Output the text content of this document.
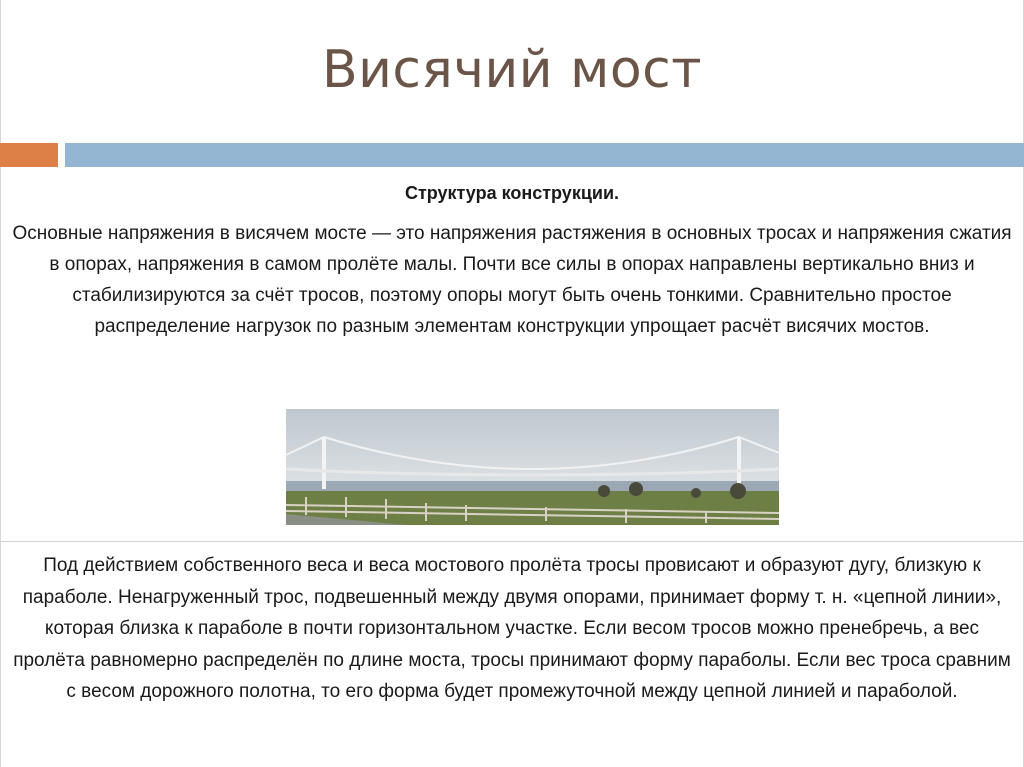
Висячий мост
Структура конструкции.
Основные напряжения в висячем мосте — это напряжения растяжения в основных тросах и напряжения сжатия в опорах, напряжения в самом пролёте малы. Почти все силы в опорах направлены вертикально вниз и стабилизируются за счёт тросов, поэтому опоры могут быть очень тонкими. Сравнительно простое распределение нагрузок по разным элементам конструкции упрощает расчёт висячих мостов.
Под действием собственного веса и веса мостового пролёта тросы провисают и образуют дугу, близкую к параболе. Ненагруженный трос, подвешенный между двумя опорами, принимает форму т. н. «цепной линии», которая близка к параболе в почти горизонтальном участке. Если весом тросов можно пренебречь, а вес пролёта равномерно распределён по длине моста, тросы принимают форму параболы. Если вес троса сравним с весом дорожного полотна, то его форма будет промежуточной между цепной линией и параболой.
